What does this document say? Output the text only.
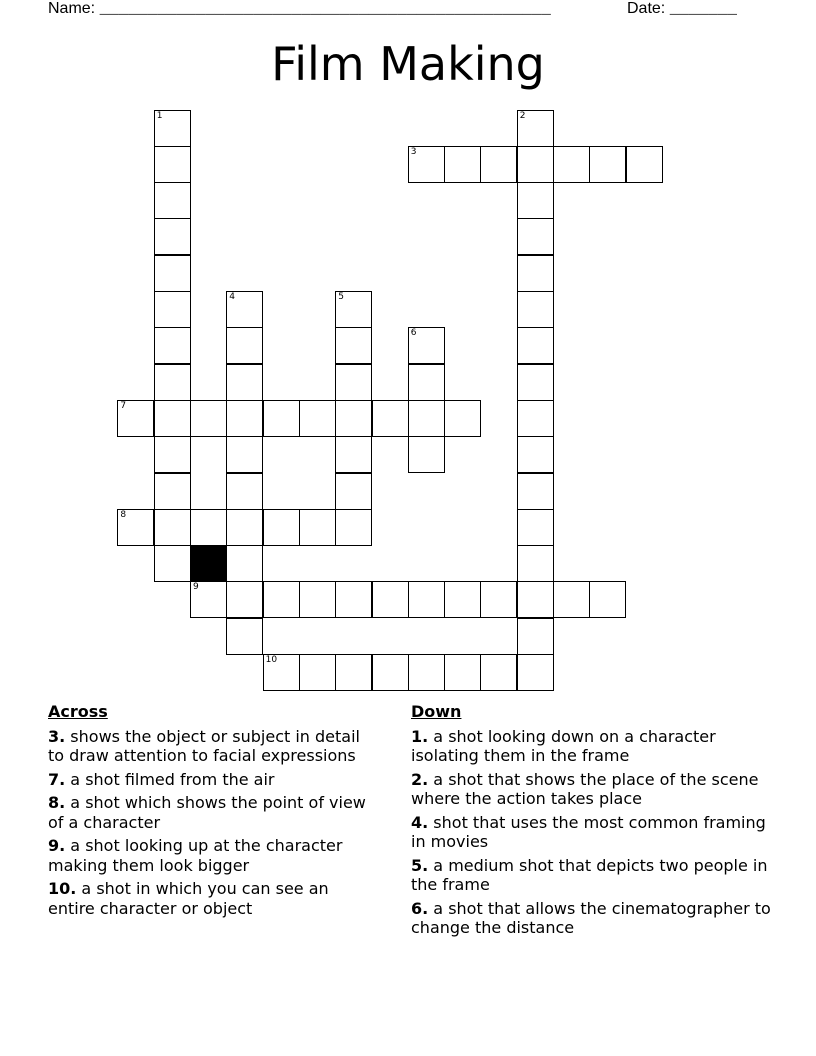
Name: _______________________________________________	Date: _______
Film Making
1	2
3
4	5
6
7
8
9
10
Across
3. shows the object or subject in detail to draw attention to facial expressions
7. a shot filmed from the air
8. a shot which shows the point of view of a character
9. a shot looking up at the character making them look bigger
10. a shot in which you can see an entire character or object
Down
1. a shot looking down on a character isolating them in the frame
2. a shot that shows the place of the scene where the action takes place
4. shot that uses the most common framing in movies
5. a medium shot that depicts two people in the frame
6. a shot that allows the cinematographer to change the distance
